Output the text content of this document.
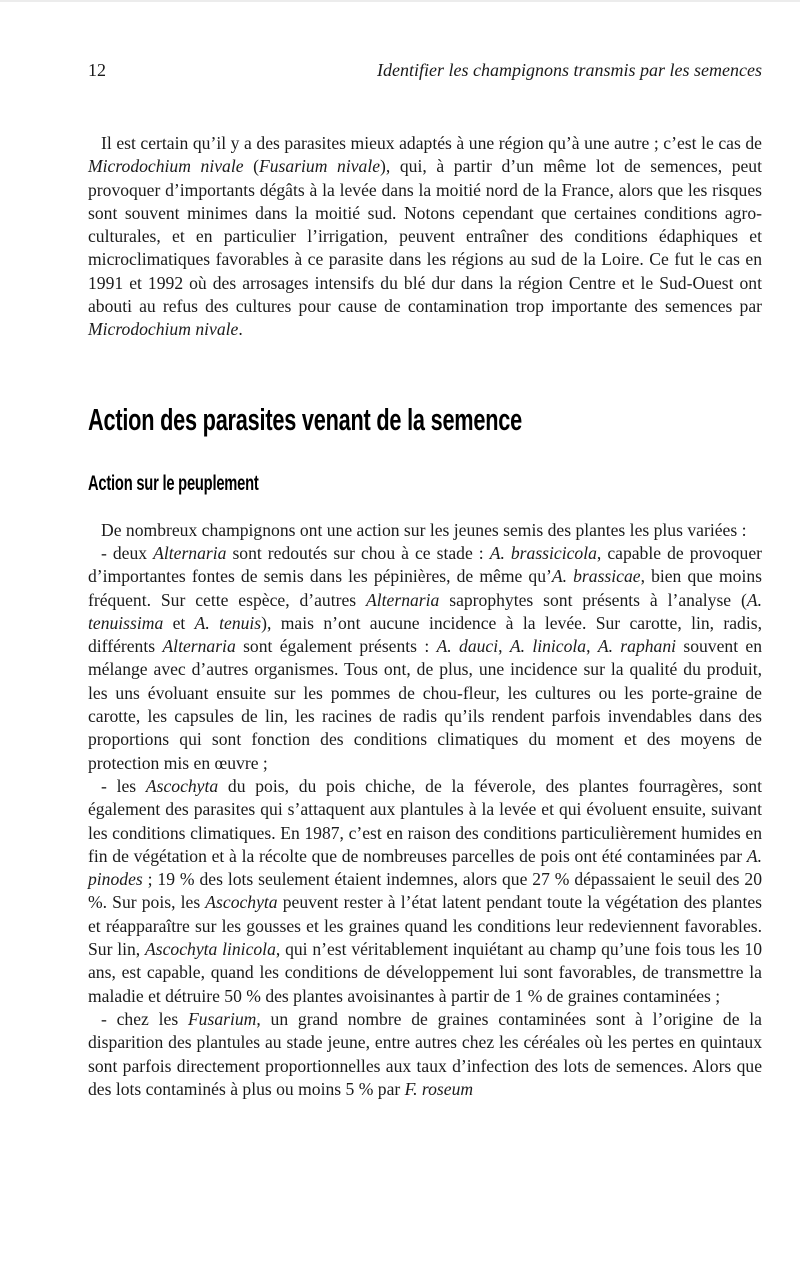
12	Identifier les champignons transmis par les semences

Il est certain qu’il y a des parasites mieux adaptés à une région qu’à une autre ; c’est le cas de Microdochium nivale (Fusarium nivale), qui, à partir d’un même lot de semences, peut provoquer d’importants dégâts à la levée dans la moitié nord de la France, alors que les risques sont souvent minimes dans la moitié sud. Notons cependant que certaines conditions agro-culturales, et en particulier l’irrigation, peuvent entraîner des conditions édaphiques et microclimatiques favorables à ce parasite dans les régions au sud de la Loire. Ce fut le cas en 1991 et 1992 où des arrosages intensifs du blé dur dans la région Centre et le Sud-Ouest ont abouti au refus des cultures pour cause de contamination trop importante des semences par Microdochium nivale.

Action des parasites venant de la semence
Action sur le peuplement

De nombreux champignons ont une action sur les jeunes semis des plantes les plus variées :

- deux Alternaria sont redoutés sur chou à ce stade : A. brassicicola, capable de provoquer d’importantes fontes de semis dans les pépinières, de même qu’A. brassicae, bien que moins fréquent. Sur cette espèce, d’autres Alternaria saprophytes sont présents à l’analyse (A. tenuissima et A. tenuis), mais n’ont aucune incidence à la levée. Sur carotte, lin, radis, différents Alternaria sont également présents : A. dauci, A. linicola, A. raphani souvent en mélange avec d’autres organismes. Tous ont, de plus, une incidence sur la qualité du produit, les uns évoluant ensuite sur les pommes de chou-fleur, les cultures ou les porte-graine de carotte, les capsules de lin, les racines de radis qu’ils rendent parfois invendables dans des proportions qui sont fonction des conditions climatiques du moment et des moyens de protection mis en œuvre ;

- les Ascochyta du pois, du pois chiche, de la féverole, des plantes fourragères, sont également des parasites qui s’attaquent aux plantules à la levée et qui évoluent ensuite, suivant les conditions climatiques. En 1987, c’est en raison des conditions particulièrement humides en fin de végétation et à la récolte que de nombreuses parcelles de pois ont été contaminées par A. pinodes ; 19 % des lots seulement étaient indemnes, alors que 27 % dépassaient le seuil des 20 %. Sur pois, les Ascochyta peuvent rester à l’état latent pendant toute la végétation des plantes et réapparaître sur les gousses et les graines quand les conditions leur redeviennent favorables. Sur lin, Ascochyta linicola, qui n’est véritablement inquiétant au champ qu’une fois tous les 10 ans, est capable, quand les conditions de développement lui sont favorables, de transmettre la maladie et détruire 50 % des plantes avoisinantes à partir de 1 % de graines contaminées ;

- chez les Fusarium, un grand nombre de graines contaminées sont à l’origine de la disparition des plantules au stade jeune, entre autres chez les céréales où les pertes en quintaux sont parfois directement proportionnelles aux taux d’infection des lots de semences. Alors que des lots contaminés à plus ou moins 5 % par F. roseum
